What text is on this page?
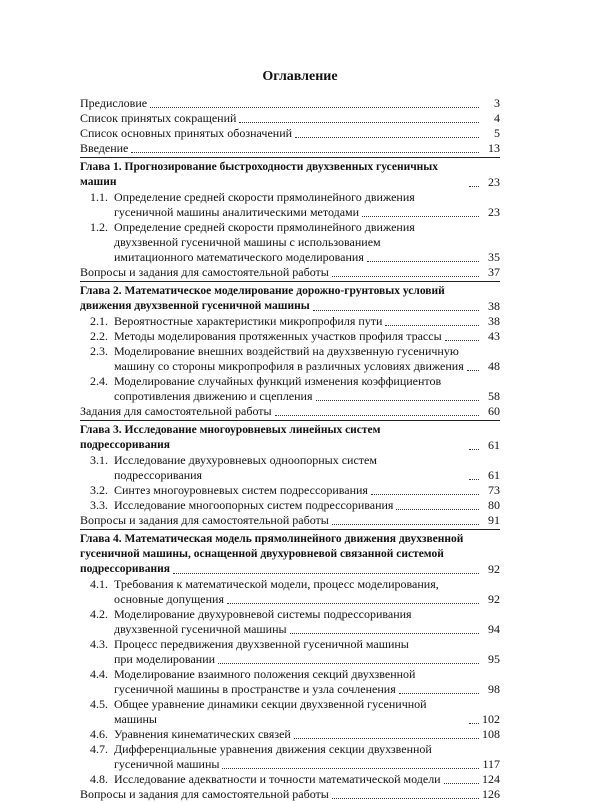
Оглавление
Предисловие	3
Список принятых сокращений	4
Список основных принятых обозначений	5
Введение	13
Глава 1. Прогнозирование быстроходности двухзвенных гусеничных машин	23
1.1. Определение средней скорости прямолинейного движения
гусеничной машины аналитическими методами	23
1.2. Определение средней скорости прямолинейного движения
двухзвенной гусеничной машины с использованием
имитационного математического моделирования	35
Вопросы и задания для самостоятельной работы	37
Глава 2. Математическое моделирование дорожно-грунтовых условий
движения двухзвенной гусеничной машины	38
2.1. Вероятностные характеристики микропрофиля пути	38
2.2. Методы моделирования протяженных участков профиля трассы	43
2.3. Моделирование внешних воздействий на двухзвенную гусеничную
машину со стороны микропрофиля в различных условиях движения	48
2.4. Моделирование случайных функций изменения коэффициентов
сопротивления движению и сцепления	58
Задания для самостоятельной работы	60
Глава 3. Исследование многоуровневых линейных систем подрессоривания	61
3.1. Исследование двухуровневых одноопорных систем подрессоривания	61
3.2. Синтез многоуровневых систем подрессоривания	73
3.3. Исследование многоопорных систем подрессоривания	80
Вопросы и задания для самостоятельной работы	91
Глава 4. Математическая модель прямолинейного движения двухзвенной
гусеничной машины, оснащенной двухуровневой связанной системой
подрессоривания	92
4.1. Требования к математической модели, процесс моделирования,
основные допущения	92
4.2. Моделирование двухуровневой системы подрессоривания
двухзвенной гусеничной машины	94
4.3. Процесс передвижения двухзвенной гусеничной машины
при моделировании	95
4.4. Моделирование взаимного положения секций двухзвенной
гусеничной машины в пространстве и узла сочленения	98
4.5. Общее уравнение динамики секции двухзвенной гусеничной машины	102
4.6. Уравнения кинематических связей	108
4.7. Дифференциальные уравнения движения секции двухзвенной
гусеничной машины	117
4.8. Исследование адекватности и точности математической модели	124
Вопросы и задания для самостоятельной работы	126
